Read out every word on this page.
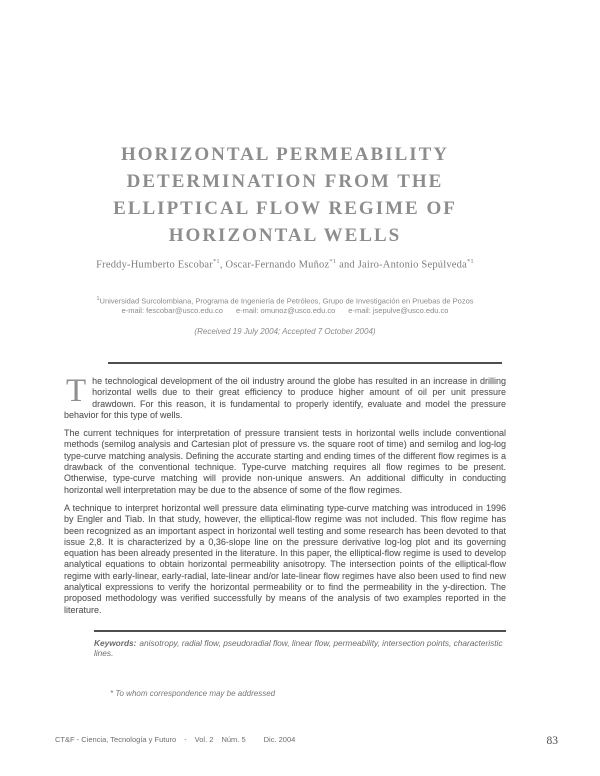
HORIZONTAL PERMEABILITY
DETERMINATION FROM THE
ELLIPTICAL FLOW REGIME OF
HORIZONTAL WELLS
Freddy-Humberto Escobar$^{*1}$, Oscar-Fernando Muñoz$^{*1}$ and Jairo-Antonio Sepúlveda$^{*1}$
$^1$Universidad Surcolombiana, Programa de Ingeniería de Petróleos, Grupo de Investigación en Pruebas de Pozos
e-mail: fescobar@usco.edu.co e-mail: omunoz@usco.edu.co e-mail: jsepulve@usco.edu.co
(Received 19 July 2004; Accepted 7 October 2004)

The technological development of the oil industry around the globe has resulted in an increase in drilling horizontal wells due to their great efficiency to produce higher amount of oil per unit pressure drawdown. For this reason, it is fundamental to properly identify, evaluate and model the pressure behavior for this type of wells.

The current techniques for interpretation of pressure transient tests in horizontal wells include conventional methods (semilog analysis and Cartesian plot of pressure vs. the square root of time) and semilog and log-log type-curve matching analysis. Defining the accurate starting and ending times of the different flow regimes is a drawback of the conventional technique. Type-curve matching requires all flow regimes to be present. Otherwise, type-curve matching will provide non-unique answers. An additional difficulty in conducting horizontal well interpretation may be due to the absence of some of the flow regimes.

A technique to interpret horizontal well pressure data eliminating type-curve matching was introduced in 1996 by Engler and Tiab. In that study, however, the elliptical-flow regime was not included. This flow regime has been recognized as an important aspect in horizontal well testing and some research has been devoted to that issue 2,8. It is characterized by a 0,36-slope line on the pressure derivative log-log plot and its governing equation has been already presented in the literature. In this paper, the elliptical-flow regime is used to develop analytical equations to obtain horizontal permeability anisotropy. The intersection points of the elliptical-flow regime with early-linear, early-radial, late-linear and/or late-linear flow regimes have also been used to find new analytical expressions to verify the horizontal permeability or to find the permeability in the y-direction. The proposed methodology was verified successfully by means of the analysis of two examples reported in the literature.

Keywords: anisotropy, radial flow, pseudoradial flow, linear flow, permeability, intersection points, characteristic lines.
* To whom correspondence may be addressed
CT&F - Ciencia, Tecnología y Futuro - Vol. 2 Núm. 5 Dic. 2004	83
